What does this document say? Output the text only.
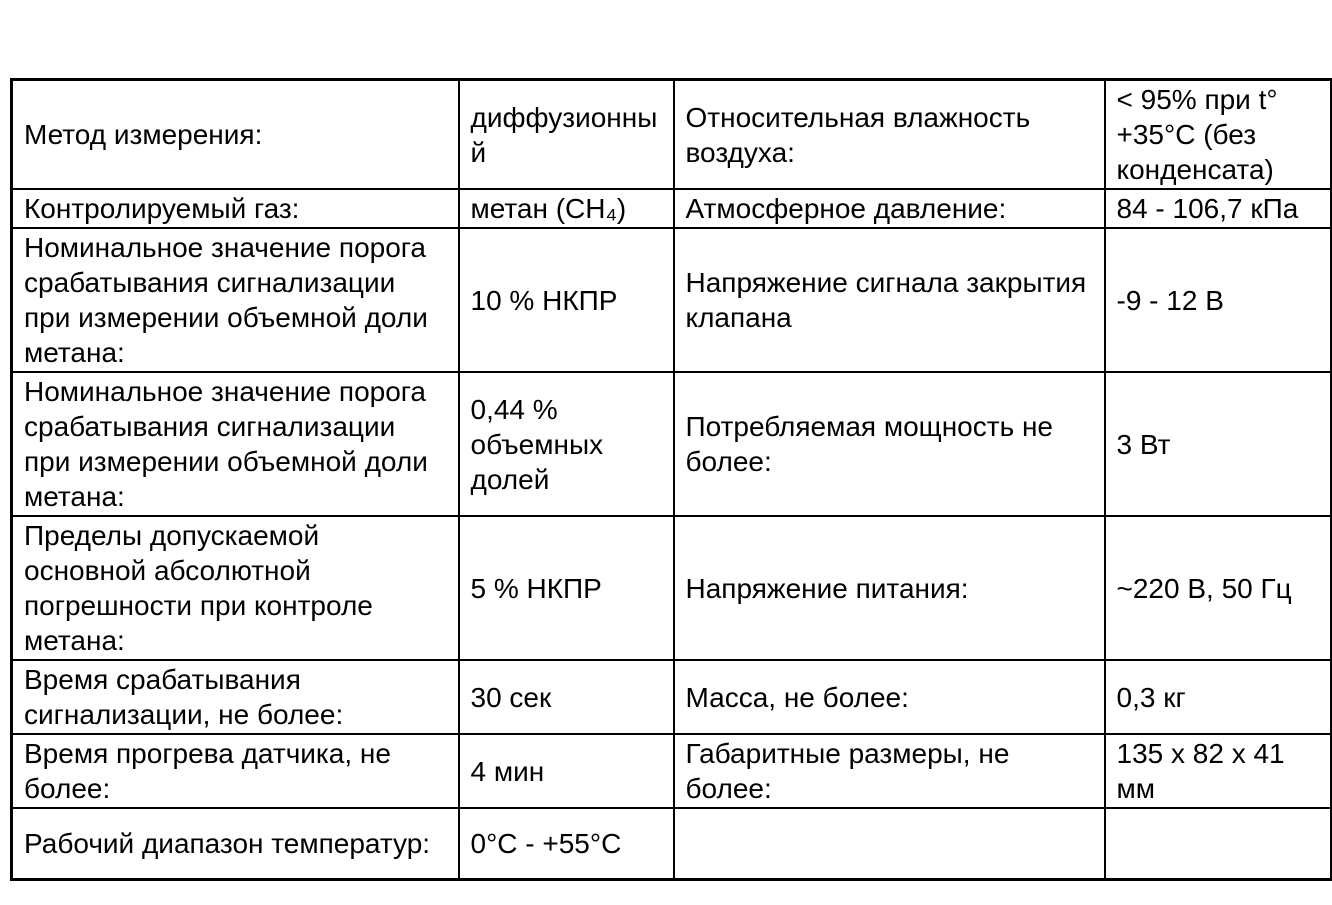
Метод измерения:	диффузионный	Относительная влажность воздуха:	< 95% при t° +35°C (без конденсата)
Контролируемый газ:	метан (CH₄)	Атмосферное давление:	84 - 106,7 кПа
Номинальное значение порога срабатывания сигнализации при измерении объемной доли метана:	10 % НКПР	Напряжение сигнала закрытия клапана	-9 - 12 В
Номинальное значение порога срабатывания сигнализации при измерении объемной доли метана:	0,44 % объемных долей	Потребляемая мощность не более:	3 Вт
Пределы допускаемой основной абсолютной погрешности при контроле метана:	5 % НКПР	Напряжение питания:	~220 В, 50 Гц
Время срабатывания сигнализации, не более:	30 сек	Масса, не более:	0,3 кг
Время прогрева датчика, не более:	4 мин	Габаритные размеры, не более:	135 x 82 x 41 мм
Рабочий диапазон температур:	0°C - +55°C		
